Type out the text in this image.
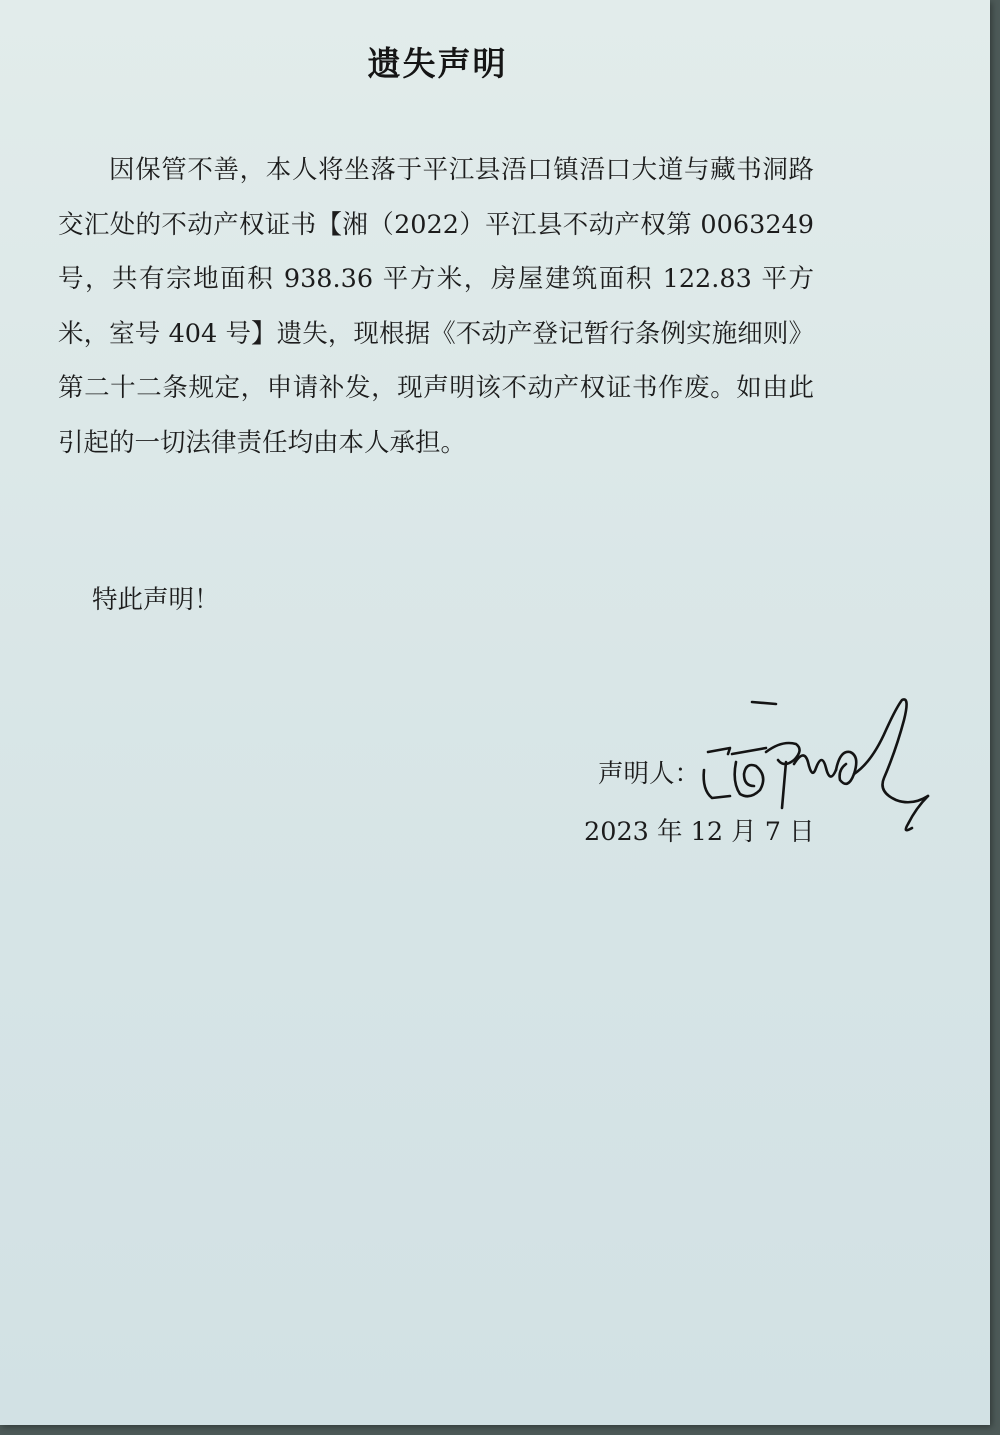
遗失声明

因保管不善，本人将坐落于平江县浯口镇浯口大道与藏书洞路交汇处的不动产权证书【湘（2022）平江县不动产权第 0063249 号，共有宗地面积 938.36 平方米，房屋建筑面积 122.83 平方米，室号 404 号】遗失，现根据《不动产登记暂行条例实施细则》第二十二条规定，申请补发，现声明该不动产权证书作废。如由此引起的一切法律责任均由本人承担。

特此声明！
声明人：
2023 年 12 月 7 日
